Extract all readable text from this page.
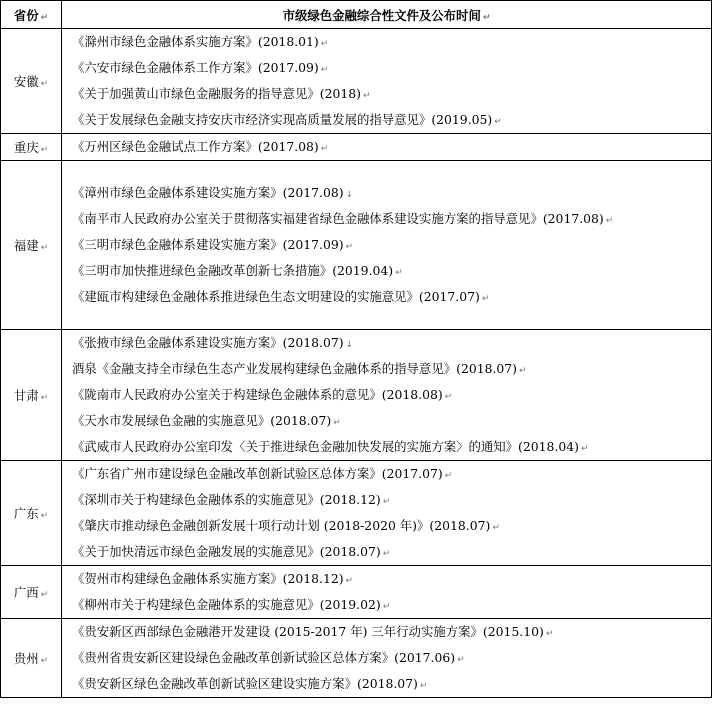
省份 ↵	市级绿色金融综合性文件及公布时间 ↵
安徽 ↵	《滁州市绿色金融体系实施方案》(2018.01) ↵
《六安市绿色金融体系工作方案》(2017.09) ↵
《关于加强黄山市绿色金融服务的指导意见》(2018) ↵
《关于发展绿色金融支持安庆市经济实现高质量发展的指导意见》(2019.05) ↵

重庆 ↵	《万州区绿色金融试点工作方案》(2017.08) ↵

福建 ↵	《漳州市绿色金融体系建设实施方案》(2017.08) ↓
《南平市人民政府办公室关于贯彻落实福建省绿色金融体系建设实施方案的指导意见》(2017.08) ↵
《三明市绿色金融体系建设实施方案》(2017.09) ↵
《三明市加快推进绿色金融改革创新七条措施》(2019.04) ↵
《建瓯市构建绿色金融体系推进绿色生态文明建设的实施意见》(2017.07) ↵

甘肃 ↵	《张掖市绿色金融体系建设实施方案》(2018.07) ↓
酒泉《金融支持全市绿色生态产业发展构建绿色金融体系的指导意见》(2018.07) ↵
《陇南市人民政府办公室关于构建绿色金融体系的意见》(2018.08) ↵
《天水市发展绿色金融的实施意见》(2018.07) ↵
《武威市人民政府办公室印发〈关于推进绿色金融加快发展的实施方案〉的通知》(2018.04) ↵

广东 ↵	《广东省广州市建设绿色金融改革创新试验区总体方案》(2017.07) ↵
《深圳市关于构建绿色金融体系的实施意见》(2018.12) ↵
《肇庆市推动绿色金融创新发展十项行动计划 (2018-2020 年)》(2018.07) ↵
《关于加快清远市绿色金融发展的实施意见》(2018.07) ↵

广西 ↵	《贺州市构建绿色金融体系实施方案》(2018.12) ↵
《柳州市关于构建绿色金融体系的实施意见》(2019.02) ↵

贵州 ↵	《贵安新区西部绿色金融港开发建设 (2015-2017 年) 三年行动实施方案》(2015.10) ↵
《贵州省贵安新区建设绿色金融改革创新试验区总体方案》(2017.06) ↵
《贵安新区绿色金融改革创新试验区建设实施方案》(2018.07) ↵
